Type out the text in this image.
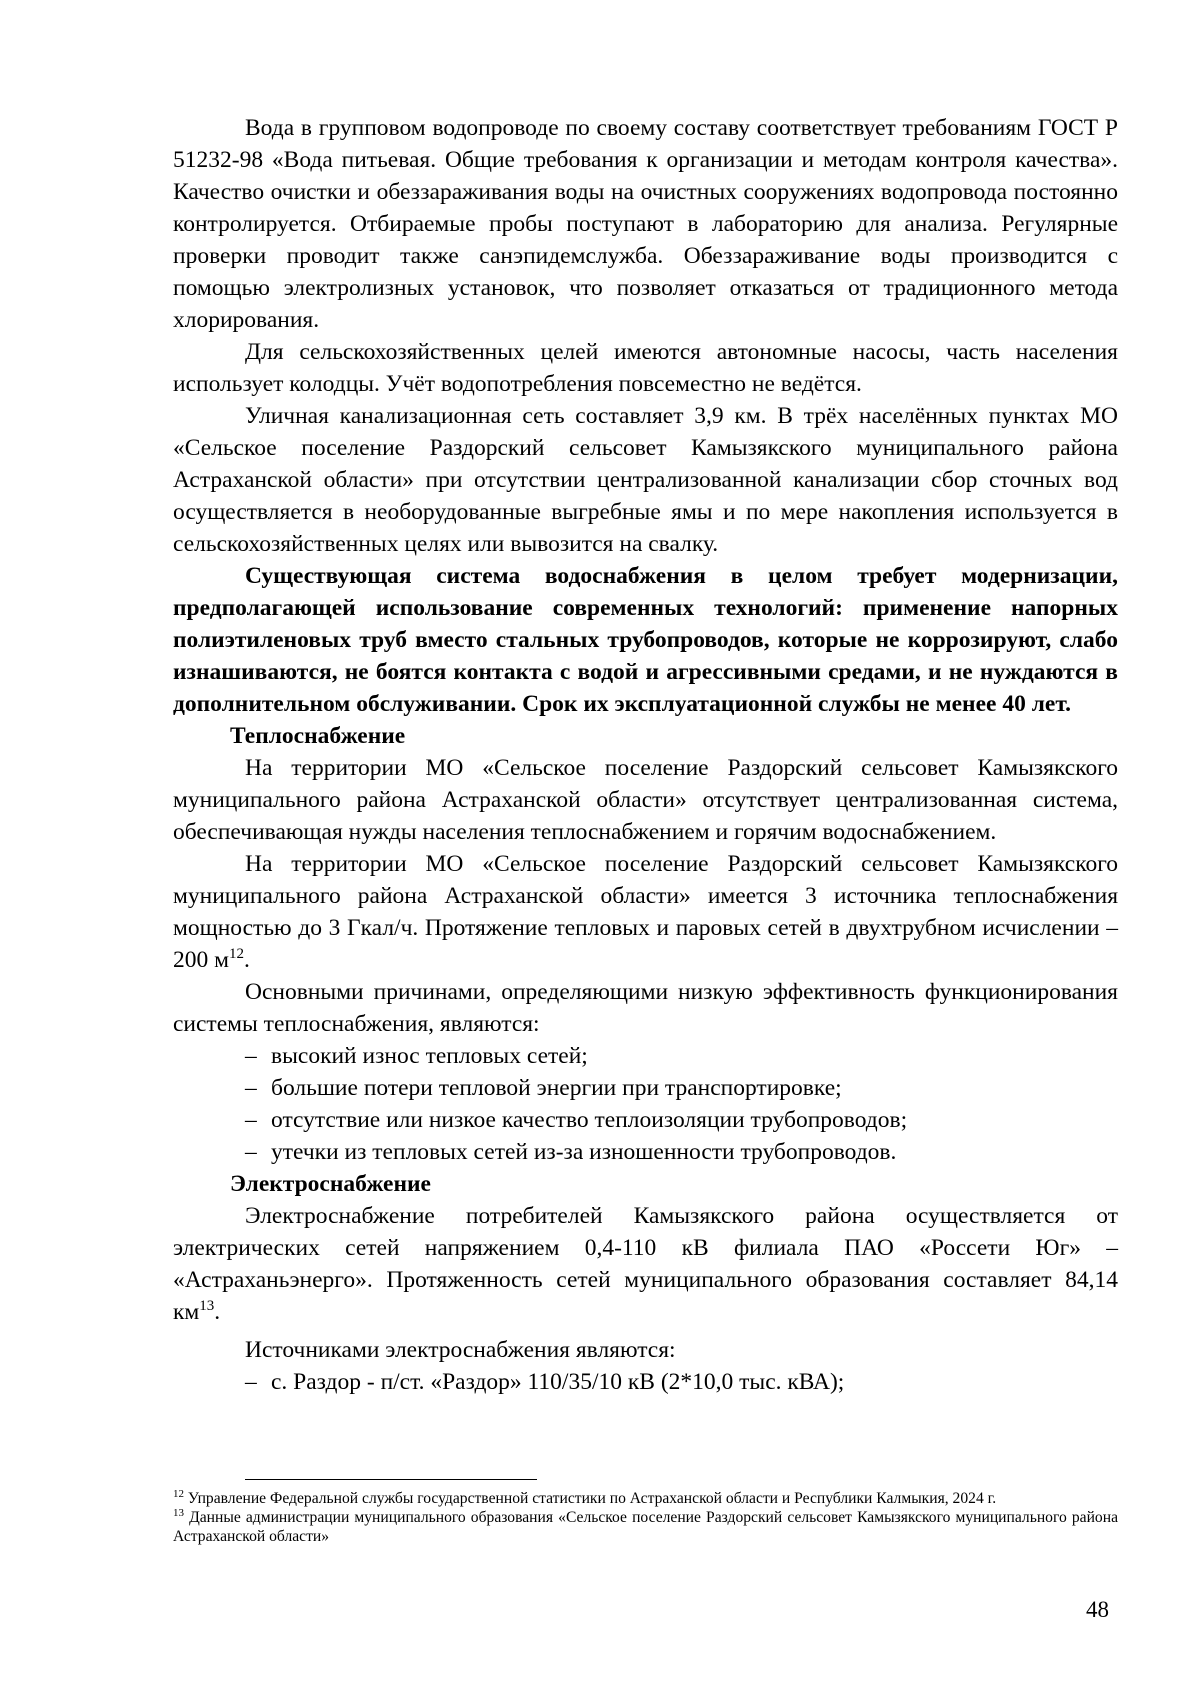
Вода в групповом водопроводе по своему составу соответствует требованиям ГОСТ Р 51232-98 «Вода питьевая. Общие требования к организации и методам контроля качества». Качество очистки и обеззараживания воды на очистных сооружениях водопровода постоянно контролируется. Отбираемые пробы поступают в лабораторию для анализа. Регулярные проверки проводит также санэпидемслужба. Обеззараживание воды производится с помощью электролизных установок, что позволяет отказаться от традиционного метода хлорирования.

Для сельскохозяйственных целей имеются автономные насосы, часть населения использует колодцы. Учёт водопотребления повсеместно не ведётся.

Уличная канализационная сеть составляет 3,9 км. В трёх населённых пунктах МО «Сельское поселение Раздорский сельсовет Камызякского муниципального района Астраханской области» при отсутствии централизованной канализации сбор сточных вод осуществляется в необорудованные выгребные ямы и по мере накопления используется в сельскохозяйственных целях или вывозится на свалку.

Существующая система водоснабжения в целом требует модернизации, предполагающей использование современных технологий: применение напорных полиэтиленовых труб вместо стальных трубопроводов, которые не коррозируют, слабо изнашиваются, не боятся контакта с водой и агрессивными средами, и не нуждаются в дополнительном обслуживании. Срок их эксплуатационной службы не менее 40 лет.

Теплоснабжение

На территории МО «Сельское поселение Раздорский сельсовет Камызякского муниципального района Астраханской области» отсутствует централизованная система, обеспечивающая нужды населения теплоснабжением и горячим водоснабжением.

На территории МО «Сельское поселение Раздорский сельсовет Камызякского муниципального района Астраханской области» имеется 3 источника теплоснабжения мощностью до 3 Гкал/ч. Протяжение тепловых и паровых сетей в двухтрубном исчислении – 200 $м^{12}$.

Основными причинами, определяющими низкую эффективность функционирования системы теплоснабжения, являются:

– высокий износ тепловых сетей;
– большие потери тепловой энергии при транспортировке;
– отсутствие или низкое качество теплоизоляции трубопроводов;
– утечки из тепловых сетей из-за изношенности трубопроводов.

Электроснабжение

Электроснабжение потребителей Камызякского района осуществляется от электрических сетей напряжением 0,4-110 кВ филиала ПАО «Россети Юг» – «Астраханьэнерго». Протяженность сетей муниципального образования составляет 84,14 $км^{13}$.

Источниками электроснабжения являются:

– с. Раздор - п/ст. «Раздор» 110/35/10 кВ (2*10,0 тыс. кВА);

$^{12}$ Управление Федеральной службы государственной статистики по Астраханской области и Республики Калмыкия, 2024 г.

$^{13}$ Данные администрации муниципального образования «Сельское поселение Раздорский сельсовет Камызякского муниципального района Астраханской области»

48
